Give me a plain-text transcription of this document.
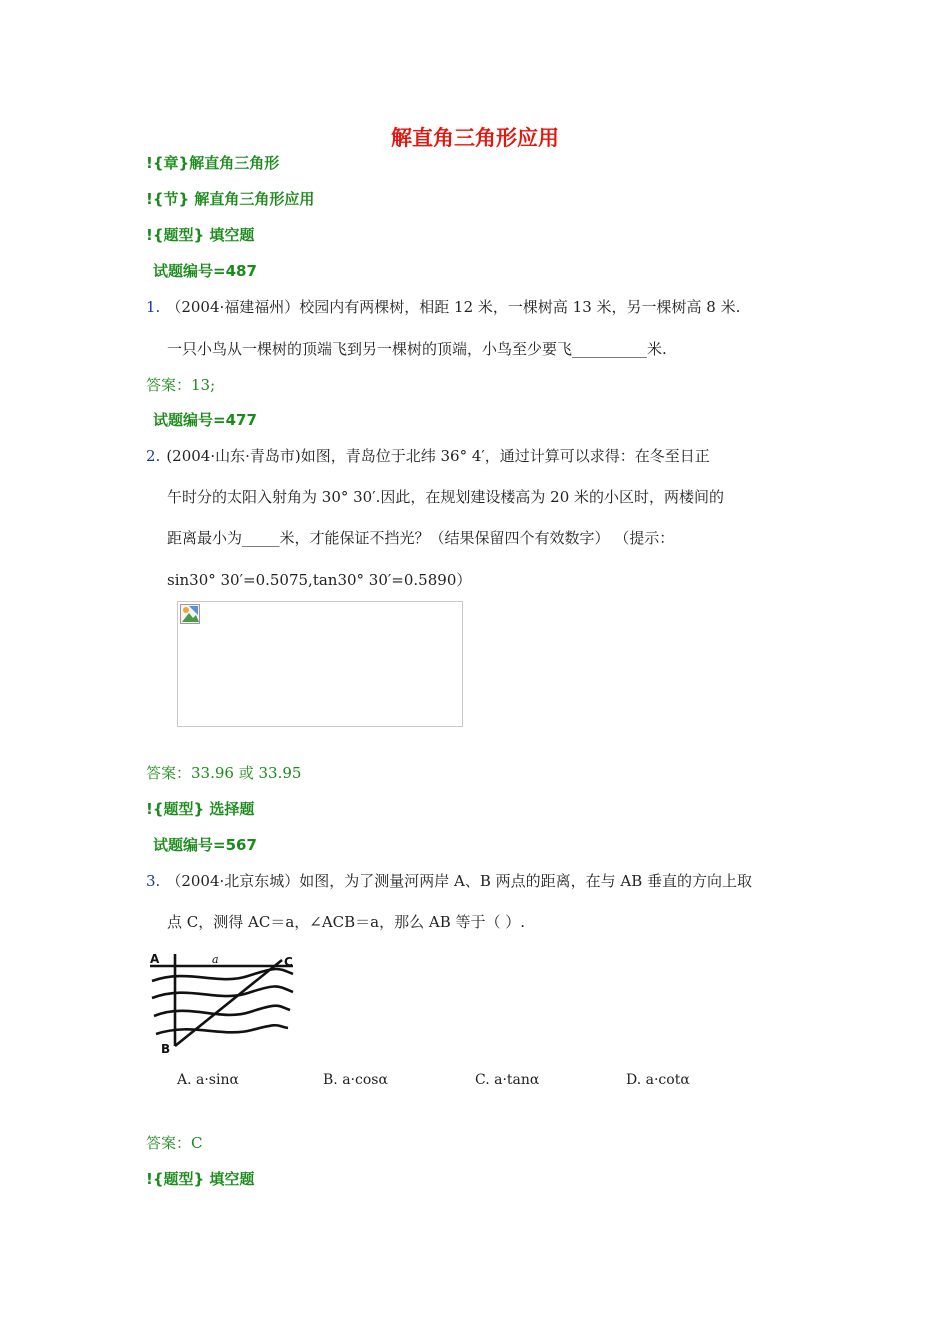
解直角三角形应用
!{章}解直角三角形
!{节} 解直角三角形应用
!{题型} 填空题
试题编号=487
1. （2004·福建福州）校园内有两棵树，相距 12 米，一棵树高 13 米，另一棵树高 8 米.
一只小鸟从一棵树的顶端飞到另一棵树的顶端，小鸟至少要飞__________米.
答案：13;
试题编号=477
2. (2004·山东·青岛市)如图，青岛位于北纬 36° 4′，通过计算可以求得：在冬至日正
午时分的太阳入射角为 30° 30′.因此，在规划建设楼高为 20 米的小区时，两楼间的
距离最小为_____米，才能保证不挡光？（结果保留四个有效数字） （提示：
sin30° 30′=0.5075,tan30° 30′=0.5890）
答案：33.96 或 33.95
!{题型} 选择题
试题编号=567
3. （2004·北京东城）如图，为了测量河两岸 A、B 两点的距离，在与 AB 垂直的方向上取
点 C，测得 AC＝a，∠ACB＝a，那么 AB 等于（ ）.
A	C
B
a
A. a·sinα	B. a·cosα	C. a·tanα	D. a·cotα
答案：C
!{题型} 填空题
